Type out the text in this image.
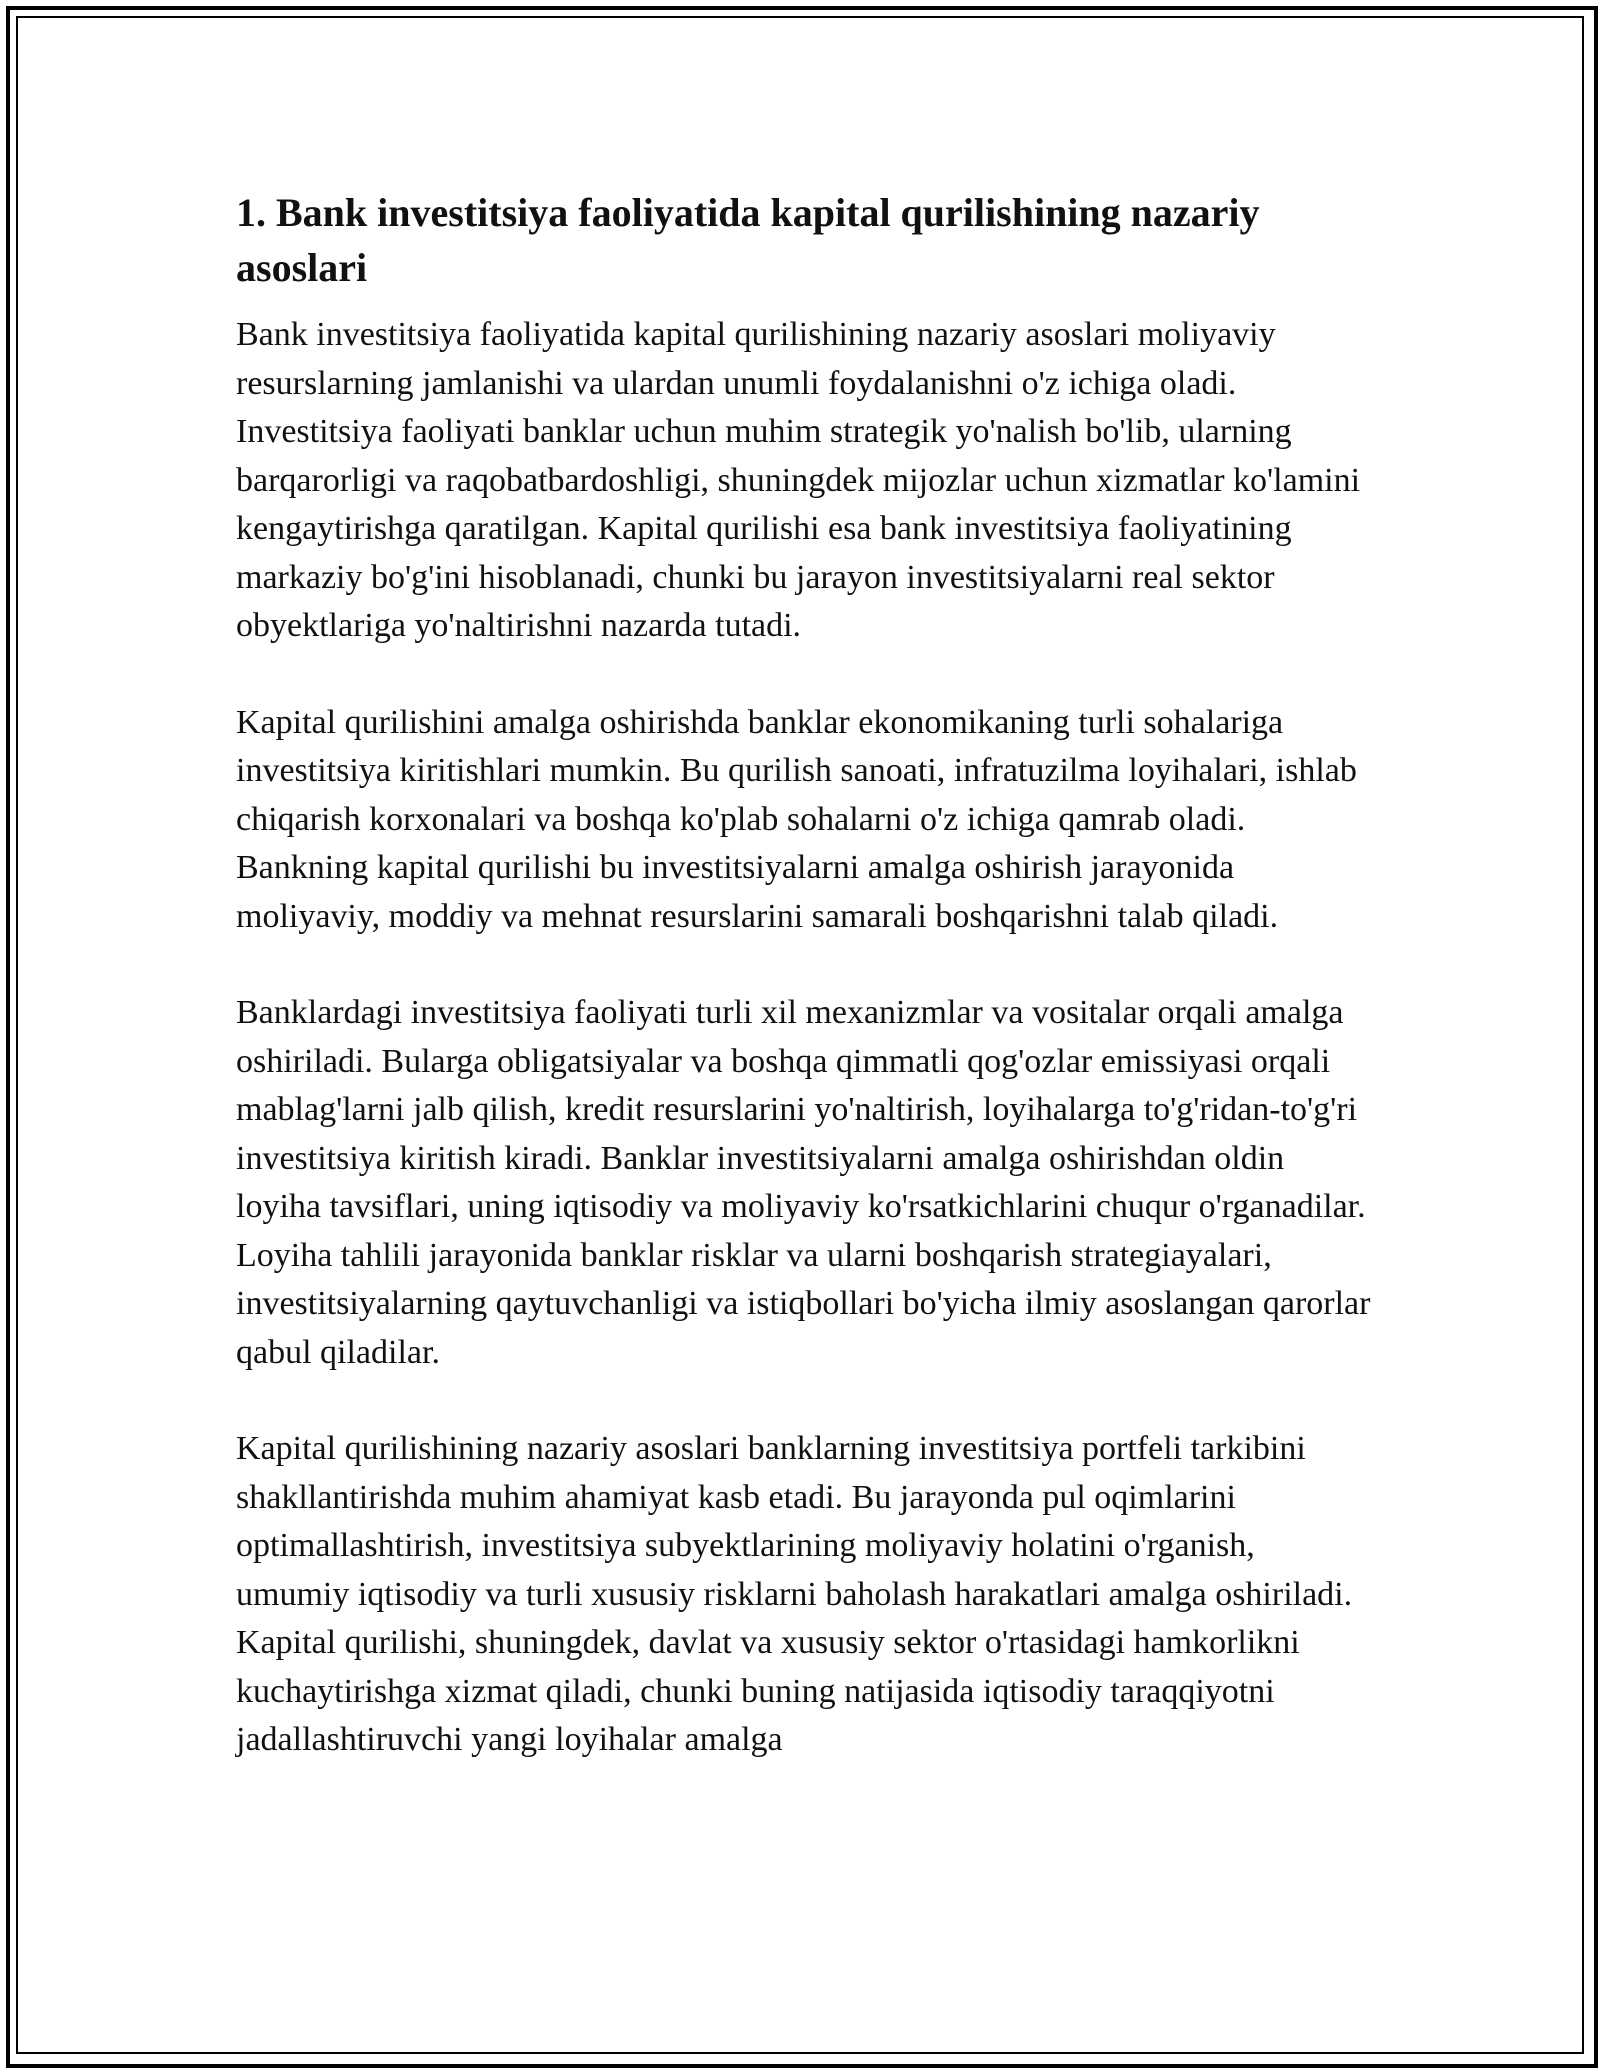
1. Bank investitsiya faoliyatida kapital qurilishining nazariy asoslari

Bank investitsiya faoliyatida kapital qurilishining nazariy asoslari moliyaviy resurslarning jamlanishi va ulardan unumli foydalanishni o'z ichiga oladi. Investitsiya faoliyati banklar uchun muhim strategik yo'nalish bo'lib, ularning barqarorligi va raqobatbardoshligi, shuningdek mijozlar uchun xizmatlar ko'lamini kengaytirishga qaratilgan. Kapital qurilishi esa bank investitsiya faoliyatining markaziy bo'g'ini hisoblanadi, chunki bu jarayon investitsiyalarni real sektor obyektlariga yo'naltirishni nazarda tutadi.

Kapital qurilishini amalga oshirishda banklar ekonomikaning turli sohalariga investitsiya kiritishlari mumkin. Bu qurilish sanoati, infratuzilma loyihalari, ishlab chiqarish korxonalari va boshqa ko'plab sohalarni o'z ichiga qamrab oladi. Bankning kapital qurilishi bu investitsiyalarni amalga oshirish jarayonida moliyaviy, moddiy va mehnat resurslarini samarali boshqarishni talab qiladi.

Banklardagi investitsiya faoliyati turli xil mexanizmlar va vositalar orqali amalga oshiriladi. Bularga obligatsiyalar va boshqa qimmatli qog'ozlar emissiyasi orqali mablag'larni jalb qilish, kredit resurslarini yo'naltirish, loyihalarga to'g'ridan-to'g'ri investitsiya kiritish kiradi. Banklar investitsiyalarni amalga oshirishdan oldin loyiha tavsiflari, uning iqtisodiy va moliyaviy ko'rsatkichlarini chuqur o'rganadilar. Loyiha tahlili jarayonida banklar risklar va ularni boshqarish strategiayalari, investitsiyalarning qaytuvchanligi va istiqbollari bo'yicha ilmiy asoslangan qarorlar qabul qiladilar.

Kapital qurilishining nazariy asoslari banklarning investitsiya portfeli tarkibini shakllantirishda muhim ahamiyat kasb etadi. Bu jarayonda pul oqimlarini optimallashtirish, investitsiya subyektlarining moliyaviy holatini o'rganish, umumiy iqtisodiy va turli xususiy risklarni baholash harakatlari amalga oshiriladi. Kapital qurilishi, shuningdek, davlat va xususiy sektor o'rtasidagi hamkorlikni kuchaytirishga xizmat qiladi, chunki buning natijasida iqtisodiy taraqqiyotni jadallashtiruvchi yangi loyihalar amalga
